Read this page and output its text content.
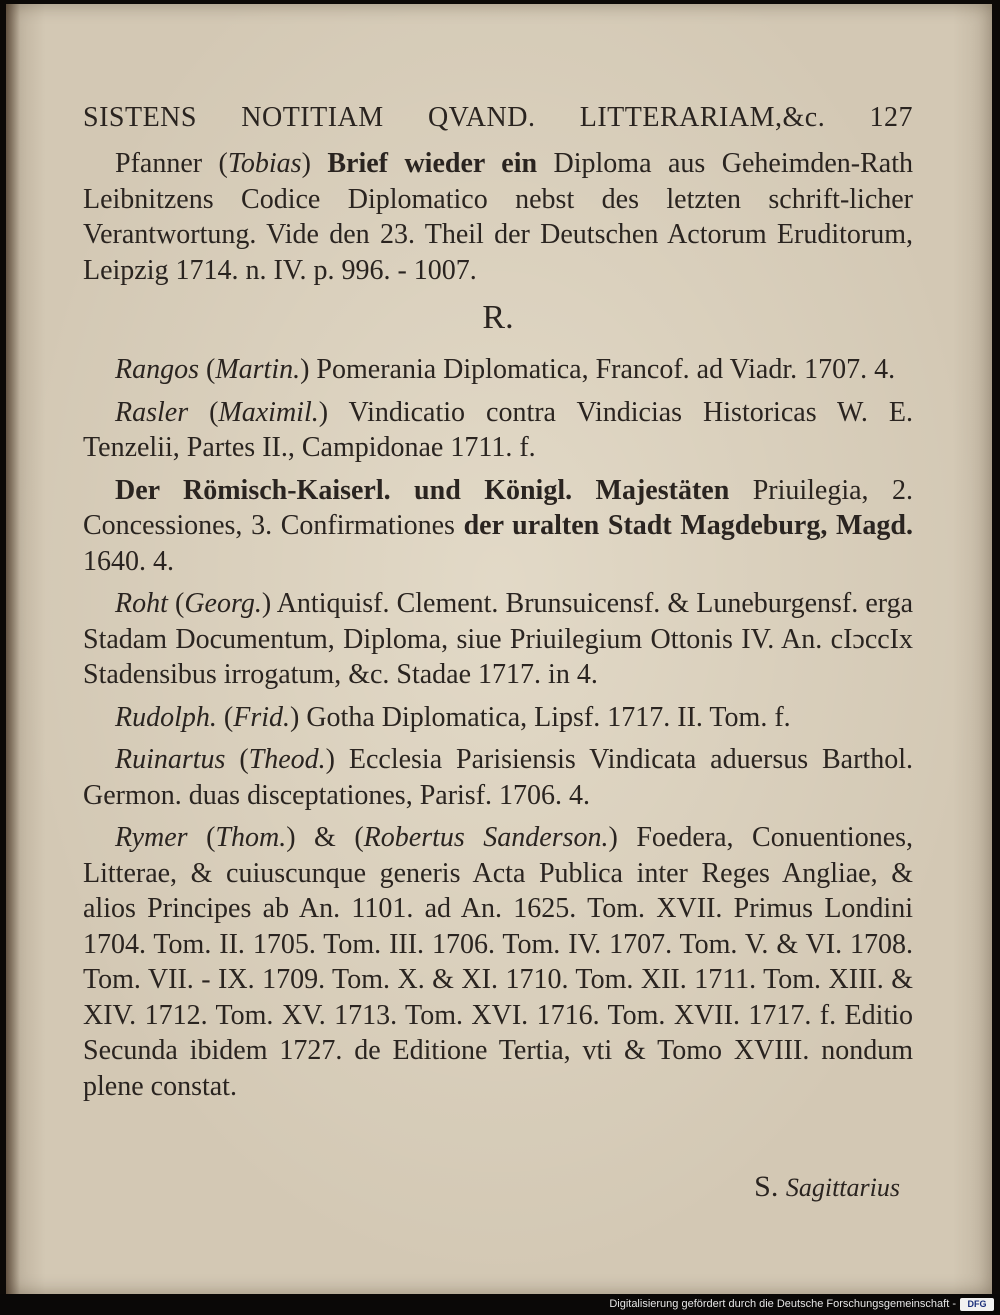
SISTENS NOTITIAM QVAND. LITTERARIAM,&c. 127
Pfanner (Tobias) Brief wieder ein Diploma aus Geheimden-Rath Leibnitzens Codice Diplomatico nebst des letzten schrift-licher Verantwortung. Vide den 23. Theil der Deutschen Actorum Eruditorum, Leipzig 1714. n. IV. p. 996. - 1007.
R.
Rangos (Martin.) Pomerania Diplomatica, Francof. ad Viadr. 1707. 4.
Rasler (Maximil.) Vindicatio contra Vindicias Historicas W. E. Tenzelii, Partes II., Campidonae 1711. f.
Der Römisch-Kaiserl. und Königl. Majestäten Priuilegia, 2. Concessiones, 3. Confirmationes der uralten Stadt Magdeburg, Magd. 1640. 4.
Roht (Georg.) Antiquisf. Clement. Brunsuicensf. & Luneburgensf. erga Stadam Documentum, Diploma, siue Priuilegium Ottonis IV. An. cIɔccIx Stadensibus irrogatum, &c. Stadae 1717. in 4.
Rudolph. (Frid.) Gotha Diplomatica, Lipsf. 1717. II. Tom. f.
Ruinartus (Theod.) Ecclesia Parisiensis Vindicata aduersus Barthol. Germon. duas disceptationes, Parisf. 1706. 4.
Rymer (Thom.) & (Robertus Sanderson.) Foedera, Conuentiones, Litterae, & cuiuscunque generis Acta Publica inter Reges Angliae, & alios Principes ab An. 1101. ad An. 1625. Tom. XVII. Primus Londini 1704. Tom. II. 1705. Tom. III. 1706. Tom. IV. 1707. Tom. V. & VI. 1708. Tom. VII. - IX. 1709. Tom. X. & XI. 1710. Tom. XII. 1711. Tom. XIII. & XIV. 1712. Tom. XV. 1713. Tom. XVI. 1716. Tom. XVII. 1717. f. Editio Secunda ibidem 1727. de Editione Tertia, vti & Tomo XVIII. nondum plene constat.
S. Sagittarius
Digitalisierung gefördert durch die Deutsche Forschungsgemeinschaft -	DFG
